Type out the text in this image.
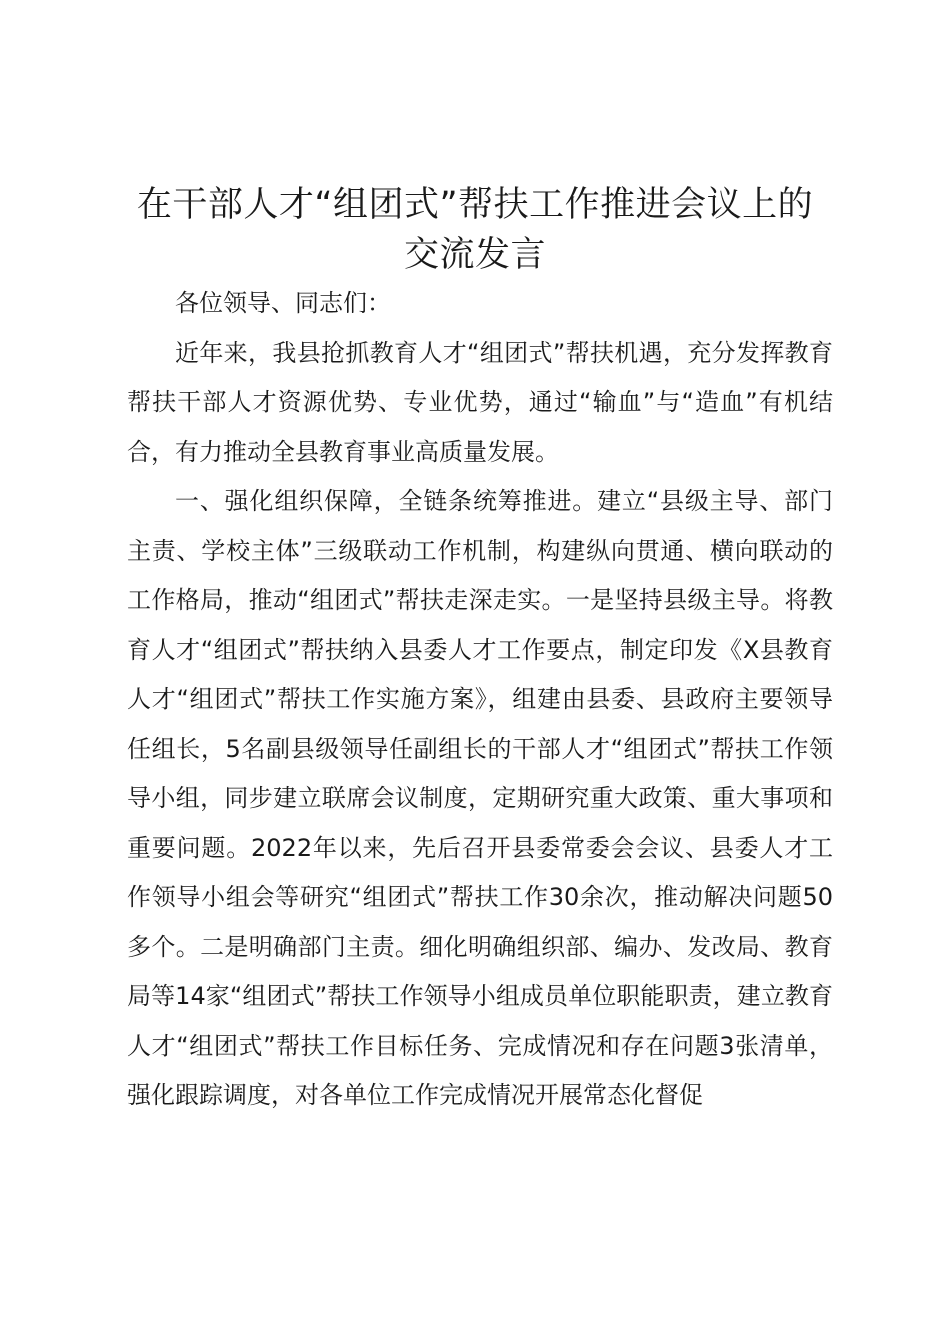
在干部人才“组团式”帮扶工作推进会议上的
交流发言

各位领导、同志们：

近年来，我县抢抓教育人才“组团式”帮扶机遇，充分发挥教育帮扶干部人才资源优势、专业优势，通过“输血”与“造血”有机结合，有力推动全县教育事业高质量发展。

一、强化组织保障，全链条统筹推进。建立“县级主导、部门主责、学校主体”三级联动工作机制，构建纵向贯通、横向联动的工作格局，推动“组团式”帮扶走深走实。一是坚持县级主导。将教育人才“组团式”帮扶纳入县委人才工作要点，制定印发《X县教育人才“组团式”帮扶工作实施方案》，组建由县委、县政府主要领导任组长，5名副县级领导任副组长的干部人才“组团式”帮扶工作领导小组，同步建立联席会议制度，定期研究重大政策、重大事项和重要问题。2022年以来，先后召开县委常委会会议、县委人才工作领导小组会等研究“组团式”帮扶工作30余次，推动解决问题50多个。二是明确部门主责。细化明确组织部、编办、发改局、教育局等14家“组团式”帮扶工作领导小组成员单位职能职责，建立教育人才“组团式”帮扶工作目标任务、完成情况和存在问题3张清单，强化跟踪调度，对各单位工作完成情况开展常态化督促
